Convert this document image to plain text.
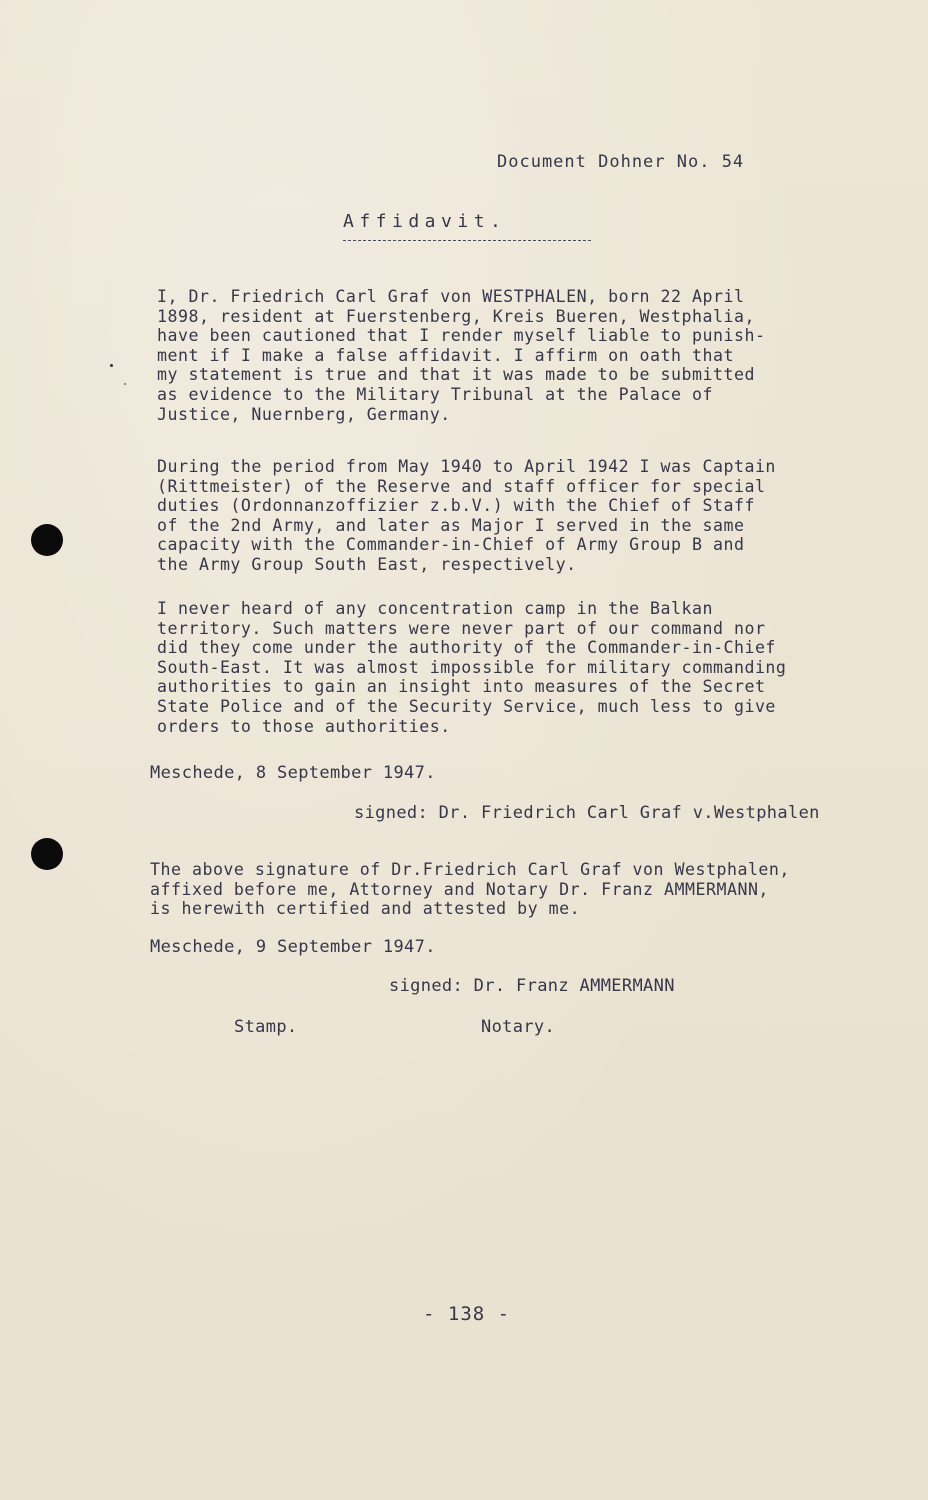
Document Dohner No. 54
Affidavit.
I, Dr. Friedrich Carl Graf von WESTPHALEN, born 22 April
1898, resident at Fuerstenberg, Kreis Bueren, Westphalia,
have been cautioned that I render myself liable to punish-
ment if I make a false affidavit. I affirm on oath that
my statement is true and that it was made to be submitted
as evidence to the Military Tribunal at the Palace of
Justice, Nuernberg, Germany.
During the period from May 1940 to April 1942 I was Captain
(Rittmeister) of the Reserve and staff officer for special
duties (Ordonnanzoffizier z.b.V.) with the Chief of Staff
of the 2nd Army, and later as Major I served in the same
capacity with the Commander-in-Chief of Army Group B and
the Army Group South East, respectively.
I never heard of any concentration camp in the Balkan
territory. Such matters were never part of our command nor
did they come under the authority of the Commander-in-Chief
South-East. It was almost impossible for military commanding
authorities to gain an insight into measures of the Secret
State Police and of the Security Service, much less to give
orders to those authorities.
Meschede, 8 September 1947.
signed: Dr. Friedrich Carl Graf v.Westphalen
The above signature of Dr.Friedrich Carl Graf von Westphalen,
affixed before me, Attorney and Notary Dr. Franz AMMERMANN,
is herewith certified and attested by me.
Meschede, 9 September 1947.
signed: Dr. Franz AMMERMANN
Stamp.	Notary.
- 138 -
